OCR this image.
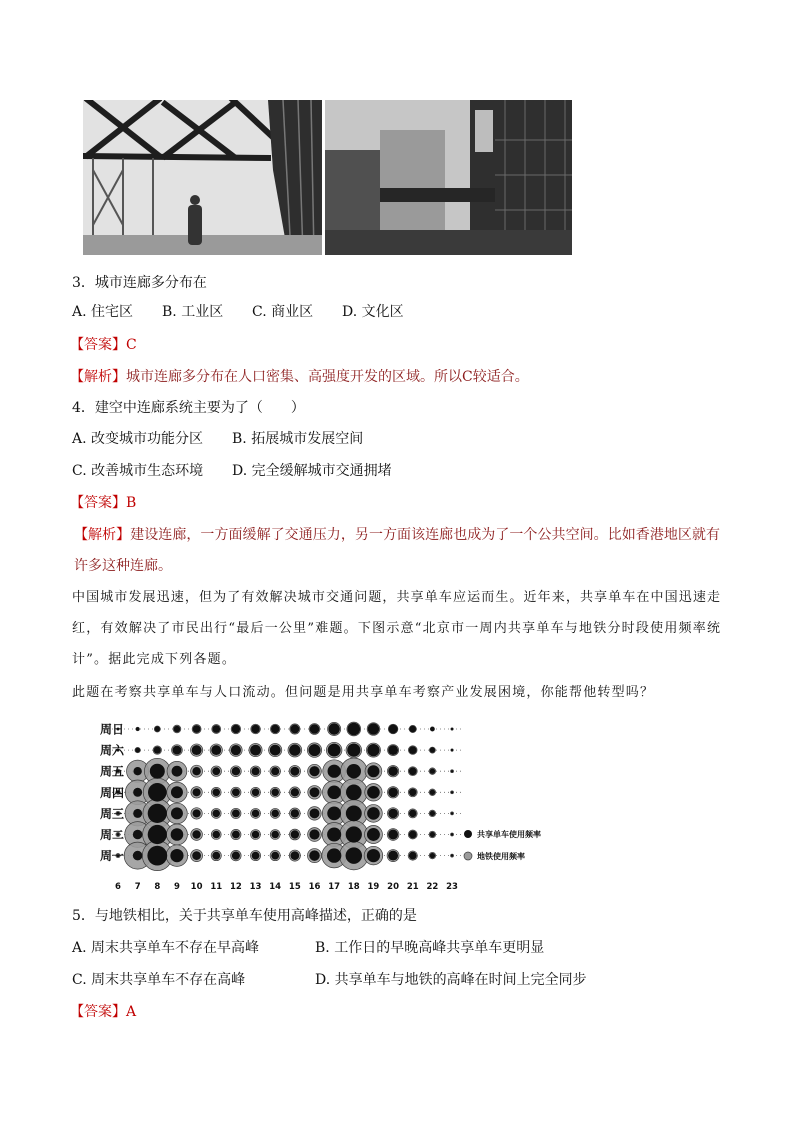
3．城市连廊多分布在
A. 住宅区 B. 工业区 C. 商业区 D. 文化区
【答案】C
【解析】城市连廊多分布在人口密集、高强度开发的区域。所以C较适合。
4．建空中连廊系统主要为了（　　）
A. 改变城市功能分区 B. 拓展城市发展空间
C. 改善城市生态环境 D. 完全缓解城市交通拥堵
【答案】B
【解析】建设连廊，一方面缓解了交通压力，另一方面该连廊也成为了一个公共空间。比如香港地区就有
许多这种连廊。
中国城市发展迅速，但为了有效解决城市交通问题，共享单车应运而生。近年来，共享单车在中国迅速走
红，有效解决了市民出行“最后一公里”难题。下图示意“北京市一周内共享单车与地铁分时段使用频率统
计”。据此完成下列各题。
此题在考察共享单车与人口流动。但问题是用共享单车考察产业发展困境，你能帮他转型吗？
周日
周六
周五
周四
周三
周二
周一
6 7 8 9 10 11 12 13 14 15 16 17 18 19 20 21 22 23
共享单车使用频率
地铁使用频率
5．与地铁相比，关于共享单车使用高峰描述，正确的是
A. 周末共享单车不存在早高峰	B. 工作日的早晚高峰共享单车更明显
C. 周末共享单车不存在高峰	D. 共享单车与地铁的高峰在时间上完全同步
【答案】A
